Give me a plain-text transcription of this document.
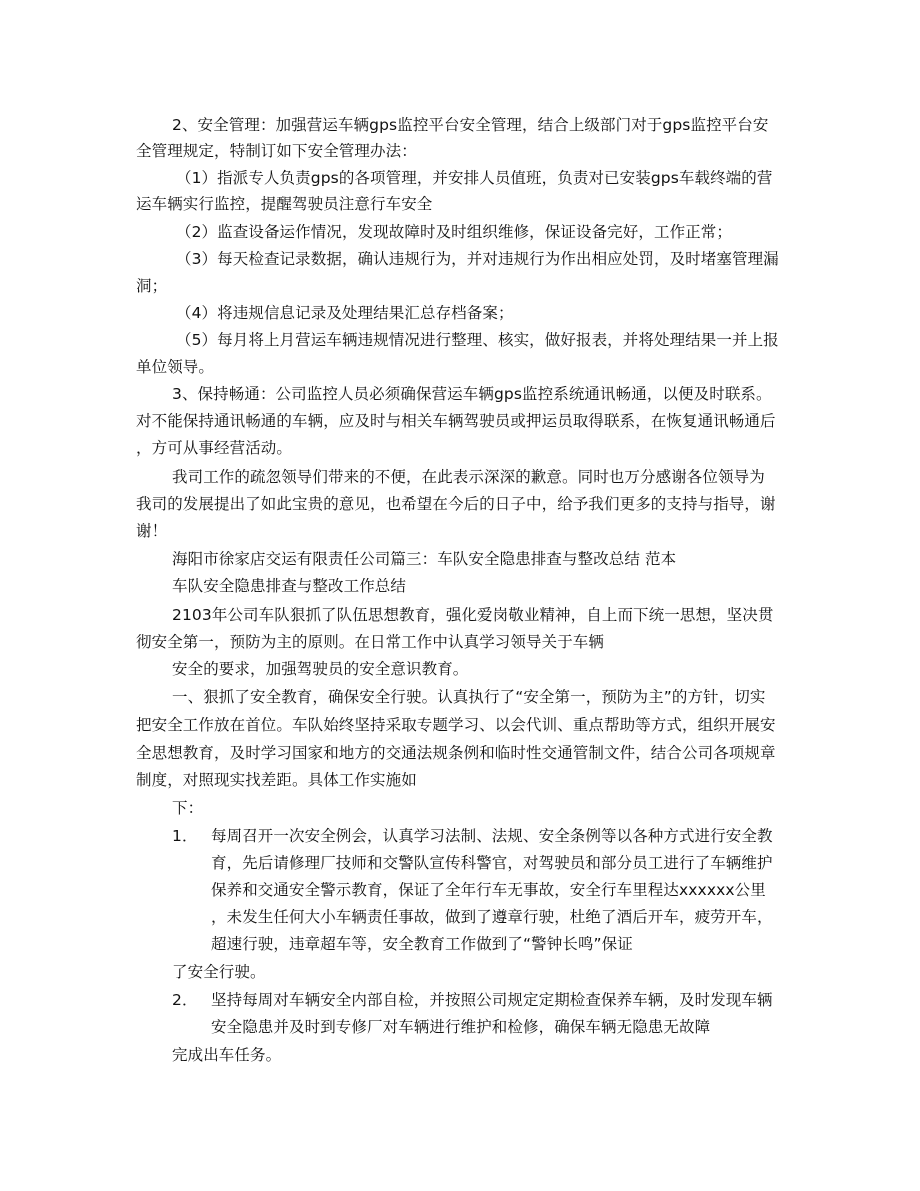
2、安全管理：加强营运车辆gps监控平台安全管理，结合上级部门对于gps监控平台安

全管理规定，特制订如下安全管理办法：

（1）指派专人负责gps的各项管理，并安排人员值班，负责对已安装gps车载终端的营

运车辆实行监控，提醒驾驶员注意行车安全

（2）监查设备运作情况，发现故障时及时组织维修，保证设备完好，工作正常；

（3）每天检查记录数据，确认违规行为，并对违规行为作出相应处罚，及时堵塞管理漏

洞；

（4）将违规信息记录及处理结果汇总存档备案；

（5）每月将上月营运车辆违规情况进行整理、核实，做好报表，并将处理结果一并上报

单位领导。

3、保持畅通：公司监控人员必须确保营运车辆gps监控系统通讯畅通，以便及时联系。

对不能保持通讯畅通的车辆，应及时与相关车辆驾驶员或押运员取得联系，在恢复通讯畅通后

，方可从事经营活动。

我司工作的疏忽领导们带来的不便，在此表示深深的歉意。同时也万分感谢各位领导为

我司的发展提出了如此宝贵的意见，也希望在今后的日子中，给予我们更多的支持与指导，谢

谢！

海阳市徐家店交运有限责任公司篇三：车队安全隐患排查与整改总结 范本

车队安全隐患排查与整改工作总结

2103年公司车队狠抓了队伍思想教育，强化爱岗敬业精神，自上而下统一思想，坚决贯

彻安全第一，预防为主的原则。在日常工作中认真学习领导关于车辆

安全的要求，加强驾驶员的安全意识教育。

一、狠抓了安全教育，确保安全行驶。认真执行了“安全第一，预防为主”的方针，切实

把安全工作放在首位。车队始终坚持采取专题学习、以会代训、重点帮助等方式，组织开展安

全思想教育，及时学习国家和地方的交通法规条例和临时性交通管制文件，结合公司各项规章

制度，对照现实找差距。具体工作实施如

下：

1． 每周召开一次安全例会，认真学习法制、法规、安全条例等以各种方式进行安全教

育，先后请修理厂技师和交警队宣传科警官，对驾驶员和部分员工进行了车辆维护

保养和交通安全警示教育，保证了全年行车无事故，安全行车里程达xxxxxx公里

，未发生任何大小车辆责任事故，做到了遵章行驶，杜绝了酒后开车，疲劳开车，

超速行驶，违章超车等，安全教育工作做到了“警钟长鸣”保证

了安全行驶。

2． 坚持每周对车辆安全内部自检，并按照公司规定定期检查保养车辆，及时发现车辆

安全隐患并及时到专修厂对车辆进行维护和检修，确保车辆无隐患无故障

完成出车任务。
